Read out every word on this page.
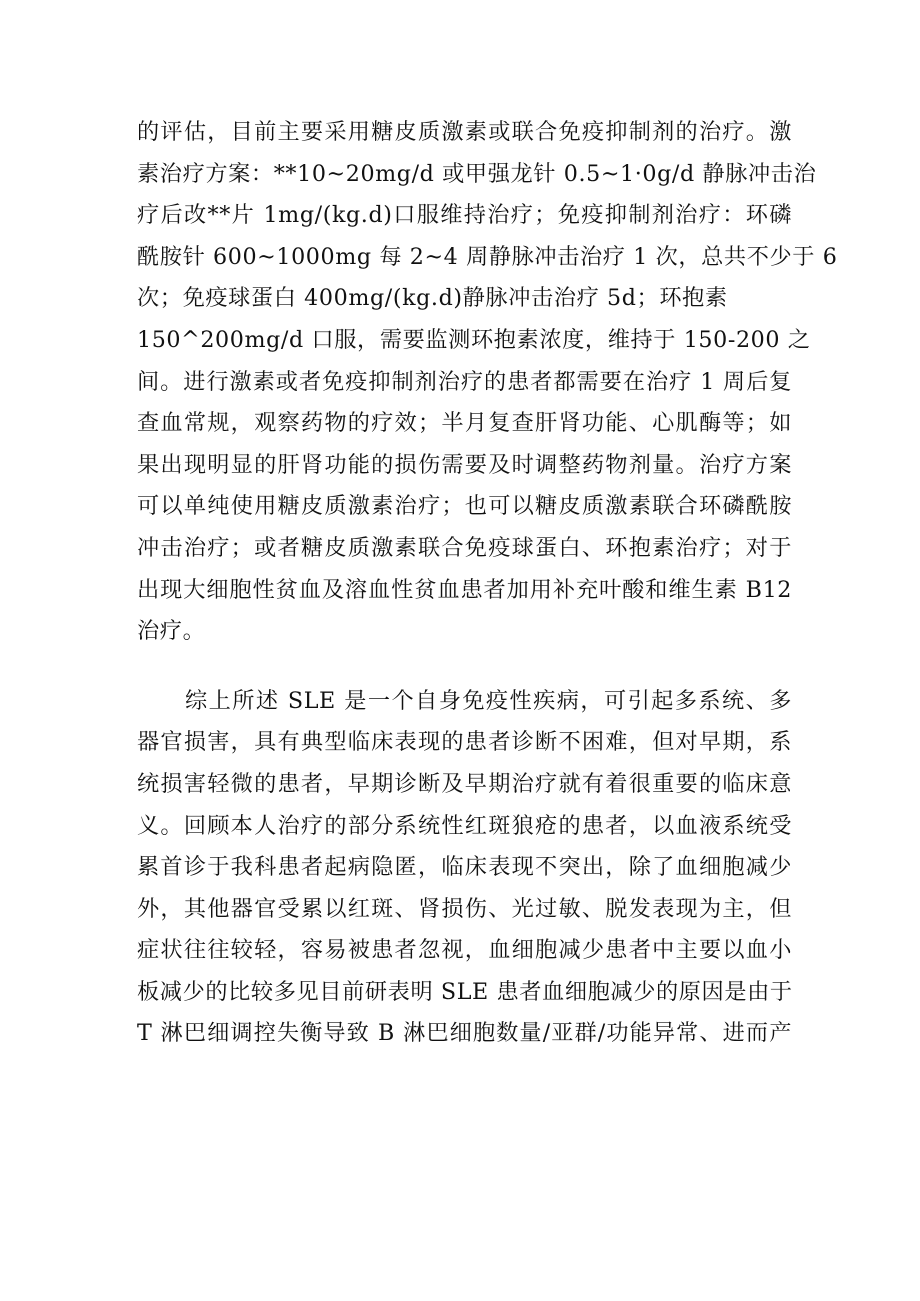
的评估，目前主要采用糖皮质激素或联合免疫抑制剂的治疗。激
素治疗方案：**10~20mg/d 或甲强龙针 0.5~1·0g/d 静脉冲击治
疗后改**片 1mg/(kg.d)口服维持治疗；免疫抑制剂治疗：环磷
酰胺针 600~1000mg 每 2~4 周静脉冲击治疗 1 次，总共不少于 6
次；免疫球蛋白 400mg/(kg.d)静脉冲击治疗 5d；环抱素
150^200mg/d 口服，需要监测环抱素浓度，维持于 150-200 之
间。进行激素或者免疫抑制剂治疗的患者都需要在治疗 1 周后复
查血常规，观察药物的疗效；半月复查肝肾功能、心肌酶等；如
果出现明显的肝肾功能的损伤需要及时调整药物剂量。治疗方案
可以单纯使用糖皮质激素治疗；也可以糖皮质激素联合环磷酰胺
冲击治疗；或者糖皮质激素联合免疫球蛋白、环抱素治疗；对于
出现大细胞性贫血及溶血性贫血患者加用补充叶酸和维生素 B12
治疗。
综上所述 SLE 是一个自身免疫性疾病，可引起多系统、多
器官损害，具有典型临床表现的患者诊断不困难，但对早期，系
统损害轻微的患者，早期诊断及早期治疗就有着很重要的临床意
义。回顾本人治疗的部分系统性红斑狼疮的患者，以血液系统受
累首诊于我科患者起病隐匿，临床表现不突出，除了血细胞减少
外，其他器官受累以红斑、肾损伤、光过敏、脱发表现为主，但
症状往往较轻，容易被患者忽视，血细胞减少患者中主要以血小
板减少的比较多见目前研表明 SLE 患者血细胞减少的原因是由于
T 淋巴细调控失衡导致 B 淋巴细胞数量/亚群/功能异常、进而产
